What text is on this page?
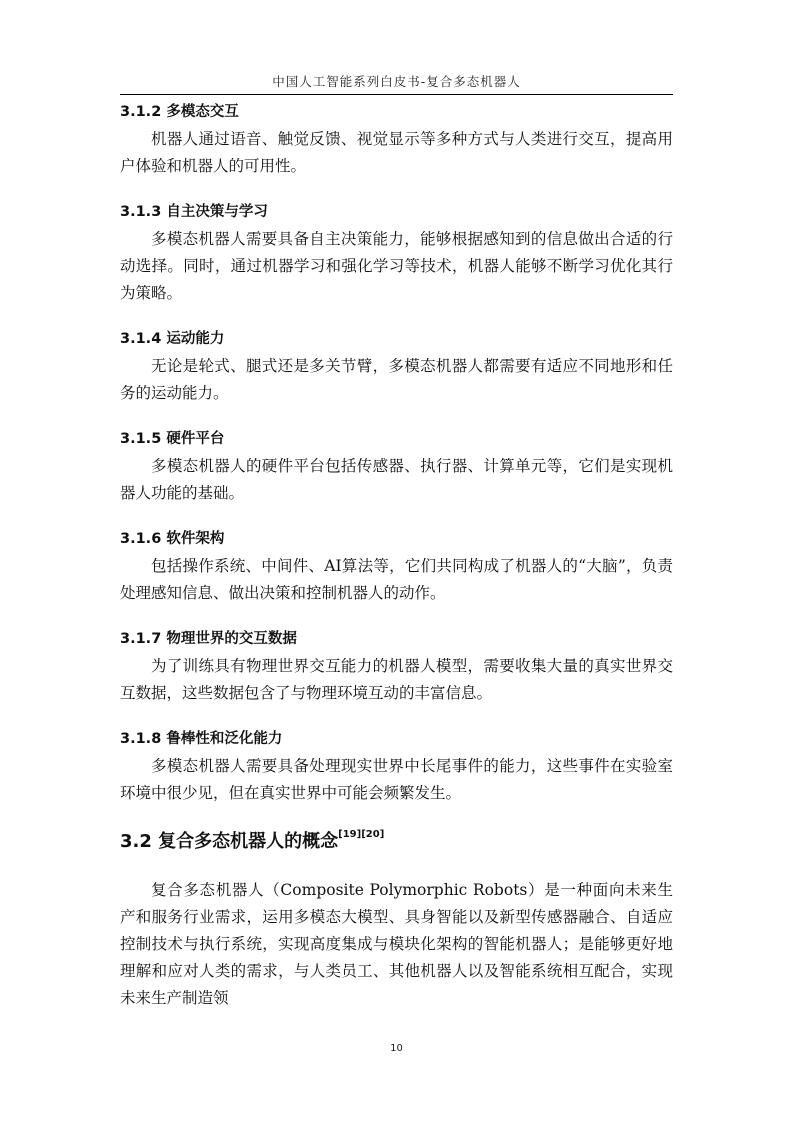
中国人工智能系列白皮书-复合多态机器人
3.1.2 多模态交互

机器人通过语音、触觉反馈、视觉显示等多种方式与人类进行交互，提高用户体验和机器人的可用性。

3.1.3 自主决策与学习

多模态机器人需要具备自主决策能力，能够根据感知到的信息做出合适的行动选择。同时，通过机器学习和强化学习等技术，机器人能够不断学习优化其行为策略。

3.1.4 运动能力

无论是轮式、腿式还是多关节臂，多模态机器人都需要有适应不同地形和任务的运动能力。

3.1.5 硬件平台

多模态机器人的硬件平台包括传感器、执行器、计算单元等，它们是实现机器人功能的基础。

3.1.6 软件架构

包括操作系统、中间件、AI算法等，它们共同构成了机器人的“大脑”，负责处理感知信息、做出决策和控制机器人的动作。

3.1.7 物理世界的交互数据

为了训练具有物理世界交互能力的机器人模型，需要收集大量的真实世界交互数据，这些数据包含了与物理环境互动的丰富信息。

3.1.8 鲁棒性和泛化能力

多模态机器人需要具备处理现实世界中长尾事件的能力，这些事件在实验室环境中很少见，但在真实世界中可能会频繁发生。

3.2 复合多态机器人的概念[19][20]

复合多态机器人（Composite Polymorphic Robots）是一种面向未来生产和服务行业需求，运用多模态大模型、具身智能以及新型传感器融合、自适应控制技术与执行系统，实现高度集成与模块化架构的智能机器人；是能够更好地理解和应对人类的需求，与人类员工、其他机器人以及智能系统相互配合，实现未来生产制造领

10
